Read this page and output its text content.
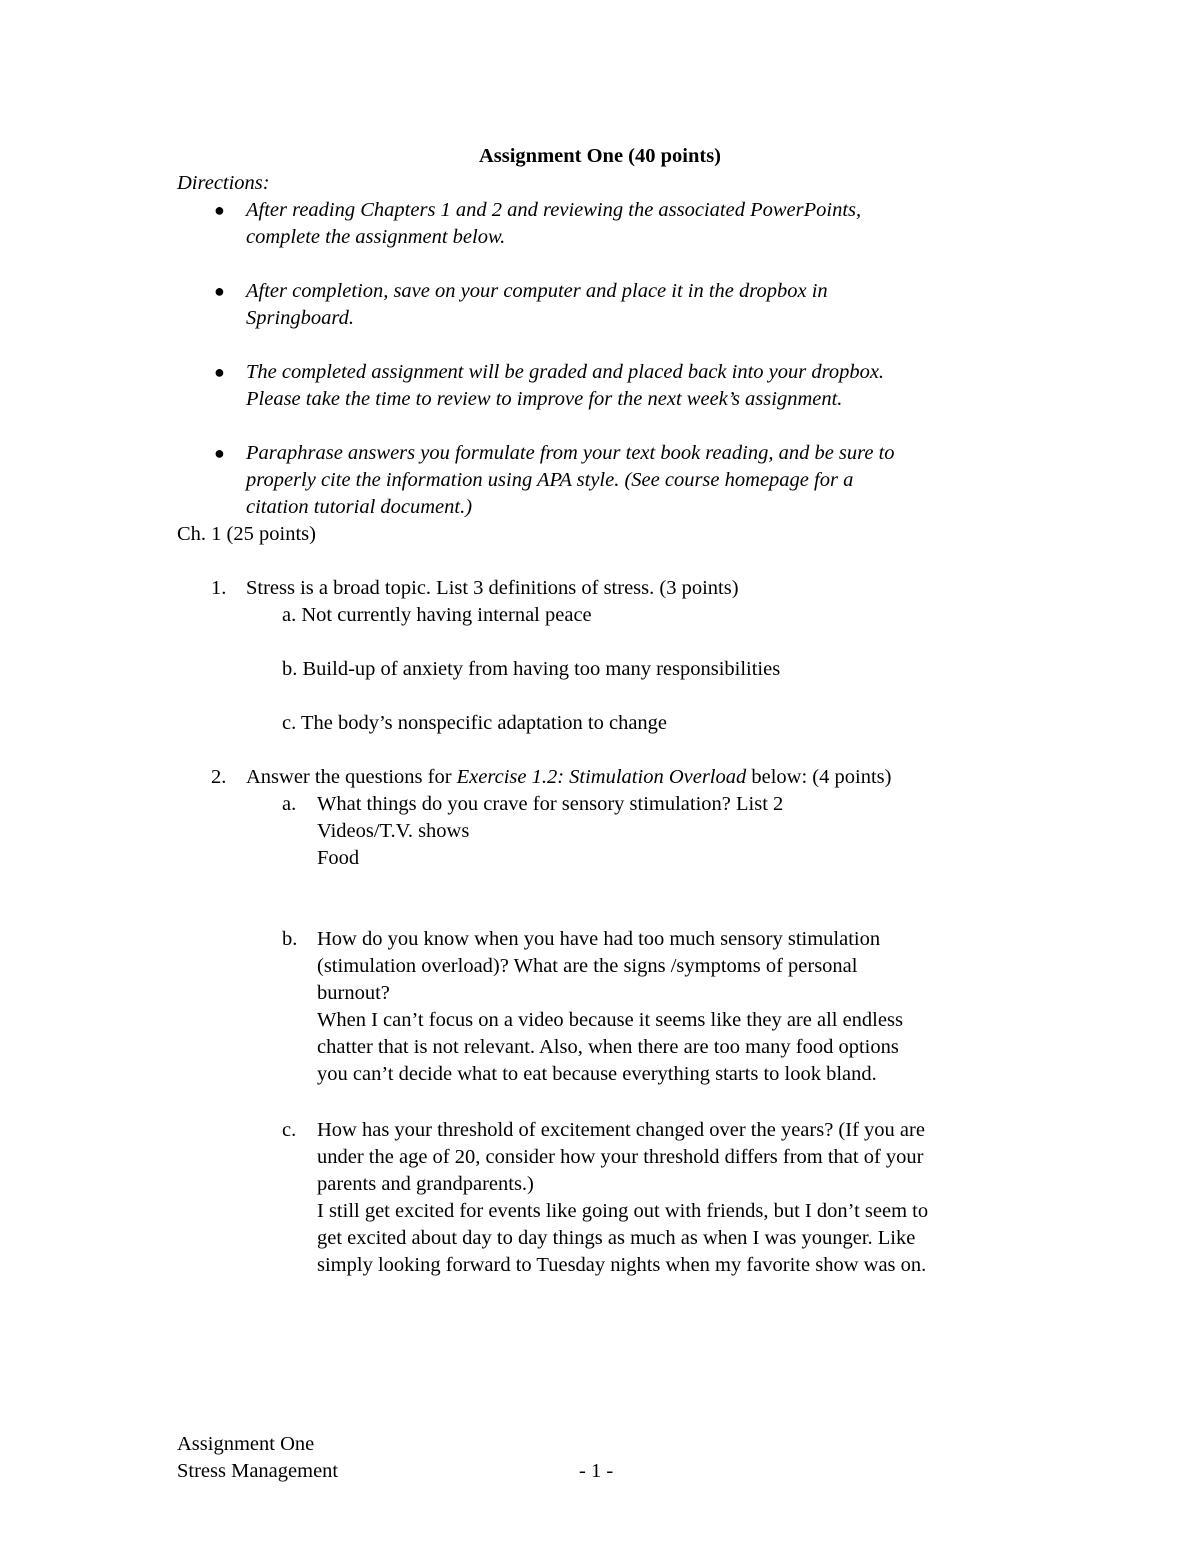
Assignment One (40 points)
Directions:
● After reading Chapters 1 and 2 and reviewing the associated PowerPoints,
complete the assignment below.
● After completion, save on your computer and place it in the dropbox in
Springboard.
● The completed assignment will be graded and placed back into your dropbox.
Please take the time to review to improve for the next week’s assignment.
● Paraphrase answers you formulate from your text book reading, and be sure to
properly cite the information using APA style. (See course homepage for a
citation tutorial document.)
Ch. 1 (25 points)
1. Stress is a broad topic. List 3 definitions of stress. (3 points)
a. Not currently having internal peace
b. Build-up of anxiety from having too many responsibilities
c. The body’s nonspecific adaptation to change
2. Answer the questions for Exercise 1.2: Stimulation Overload below: (4 points)
a. What things do you crave for sensory stimulation? List 2
Videos/T.V. shows
Food
b. How do you know when you have had too much sensory stimulation
(stimulation overload)? What are the signs /symptoms of personal
burnout?
When I can’t focus on a video because it seems like they are all endless
chatter that is not relevant. Also, when there are too many food options
you can’t decide what to eat because everything starts to look bland.
c. How has your threshold of excitement changed over the years? (If you are
under the age of 20, consider how your threshold differs from that of your
parents and grandparents.)
I still get excited for events like going out with friends, but I don’t seem to
get excited about day to day things as much as when I was younger. Like
simply looking forward to Tuesday nights when my favorite show was on.
Assignment One
Stress Management	- 1 -
